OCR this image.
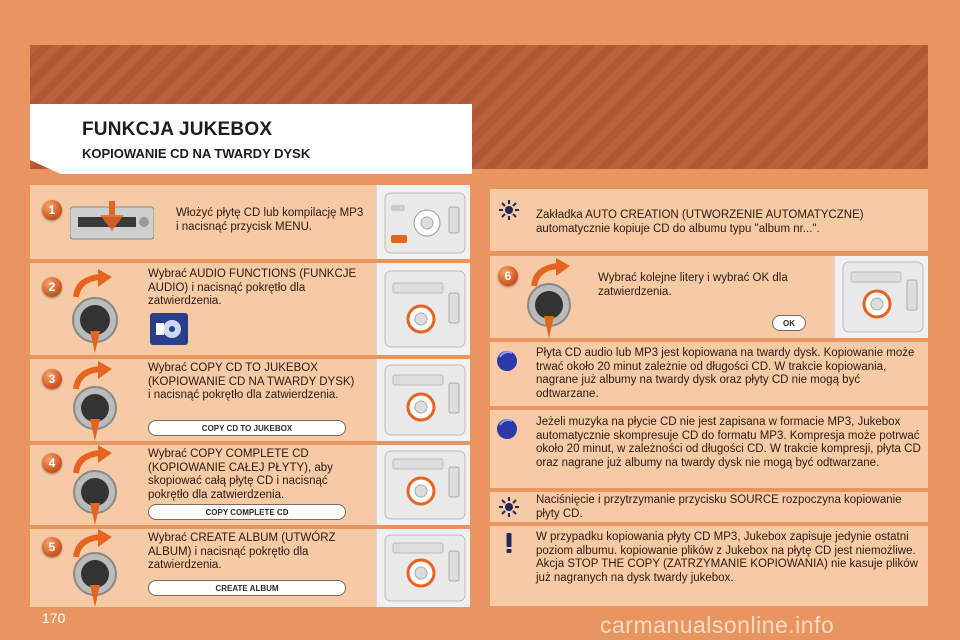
FUNKCJA JUKEBOX
KOPIOWANIE CD NA TWARDY DYSK
1	Włożyć płytę CD lub kompilację MP3 i nacisnąć przycisk MENU.
2
Wybrać AUDIO FUNCTIONS (FUNKCJE AUDIO) i nacisnąć pokrętło dla zatwierdzenia.
3
Wybrać COPY CD TO JUKEBOX (KOPIOWANIE CD NA TWARDY DYSK) i nacisnąć pokrętło dla zatwierdzenia.
COPY CD TO JUKEBOX
4
Wybrać COPY COMPLETE CD (KOPIOWANIE CAŁEJ PŁYTY), aby skopiować całą płytę CD i nacisnąć pokrętło dla zatwierdzenia.
COPY COMPLETE CD
5
Wybrać CREATE ALBUM (UTWÓRZ ALBUM) i nacisnąć pokrętło dla zatwierdzenia.
CREATE ALBUM
Zakładka AUTO CREATION (UTWORZENIE AUTOMATYCZNE) automatycznie kopiuje CD do albumu typu "album nr...".
6	Wybrać kolejne litery i wybrać OK dla zatwierdzenia.
OK
Płyta CD audio lub MP3 jest kopiowana na twardy dysk. Kopiowanie może trwać około 20 minut zależnie od długości CD. W trakcie kopiowania, nagrane już albumy na twardy dysk oraz płyty CD nie mogą być odtwarzane.
Jeżeli muzyka na płycie CD nie jest zapisana w formacie MP3, Jukebox automatycznie skompresuje CD do formatu MP3. Kompresja może potrwać około 20 minut, w zależności od długości CD. W trakcie kompresji, płyta CD oraz nagrane już albumy na twardy dysk nie mogą być odtwarzane.
Naciśnięcie i przytrzymanie przycisku SOURCE rozpoczyna kopiowanie płyty CD.
W przypadku kopiowania płyty CD MP3, Jukebox zapisuje jedynie ostatni poziom albumu. kopiowanie plików z Jukebox na płytę CD jest niemożliwe.
Akcja STOP THE COPY (ZATRZYMANIE KOPIOWANIA) nie kasuje plików już nagranych na dysk twardy jukebox.
170	carmanualsonline.info
